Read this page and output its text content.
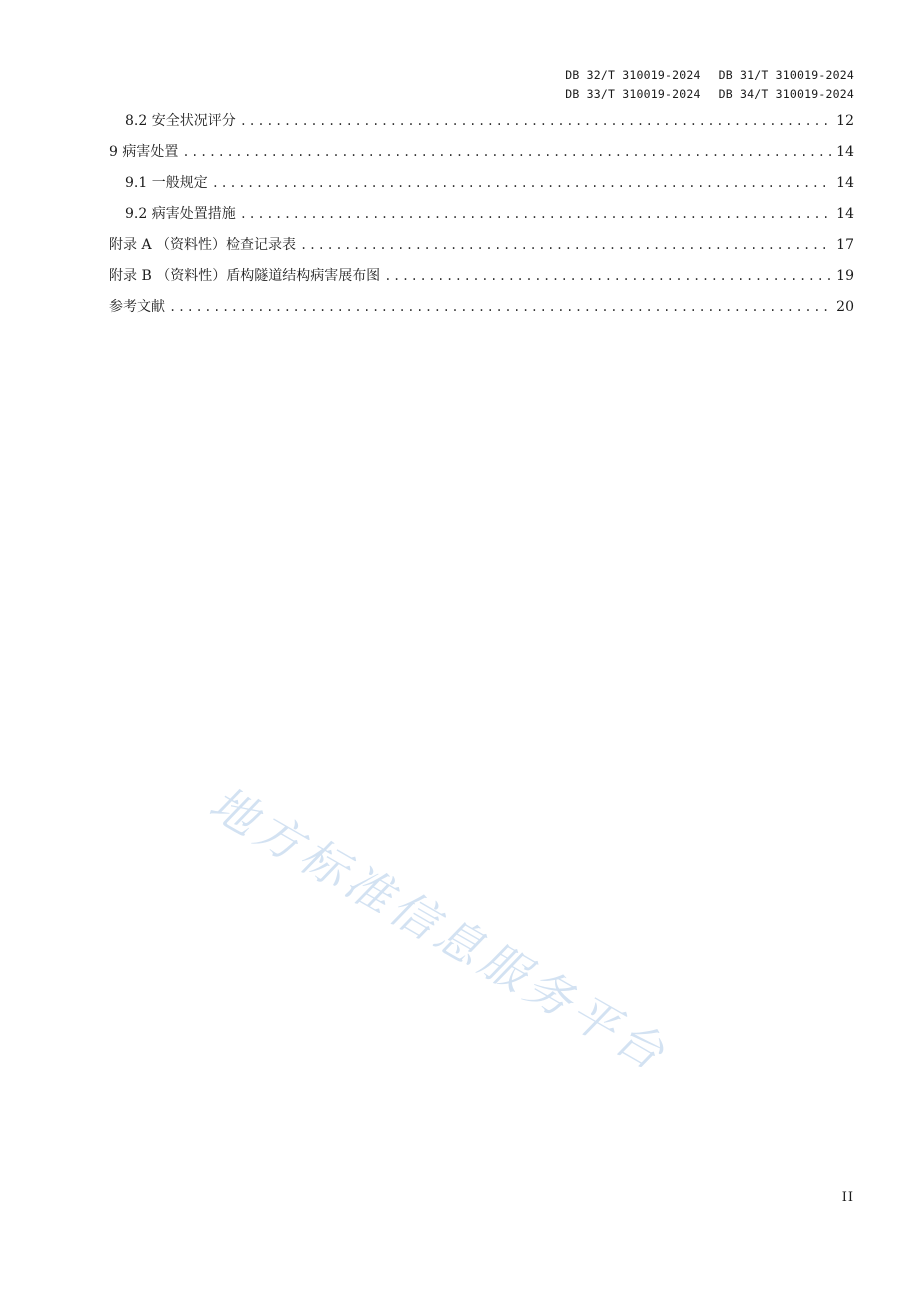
DB 32/T 310019-2024 DB 31/T 310019-2024
DB 33/T 310019-2024 DB 34/T 310019-2024
8.2 安全状况评分 .....	12
9 病害处置 .....	14
9.1 一般规定 .....	14
9.2 病害处置措施 .....	14
附录 A （资料性）检查记录表 .....	17
附录 B （资料性）盾构隧道结构病害展布图 .....	19
参考文献 .....	20
地方标准信息服务平台
II
